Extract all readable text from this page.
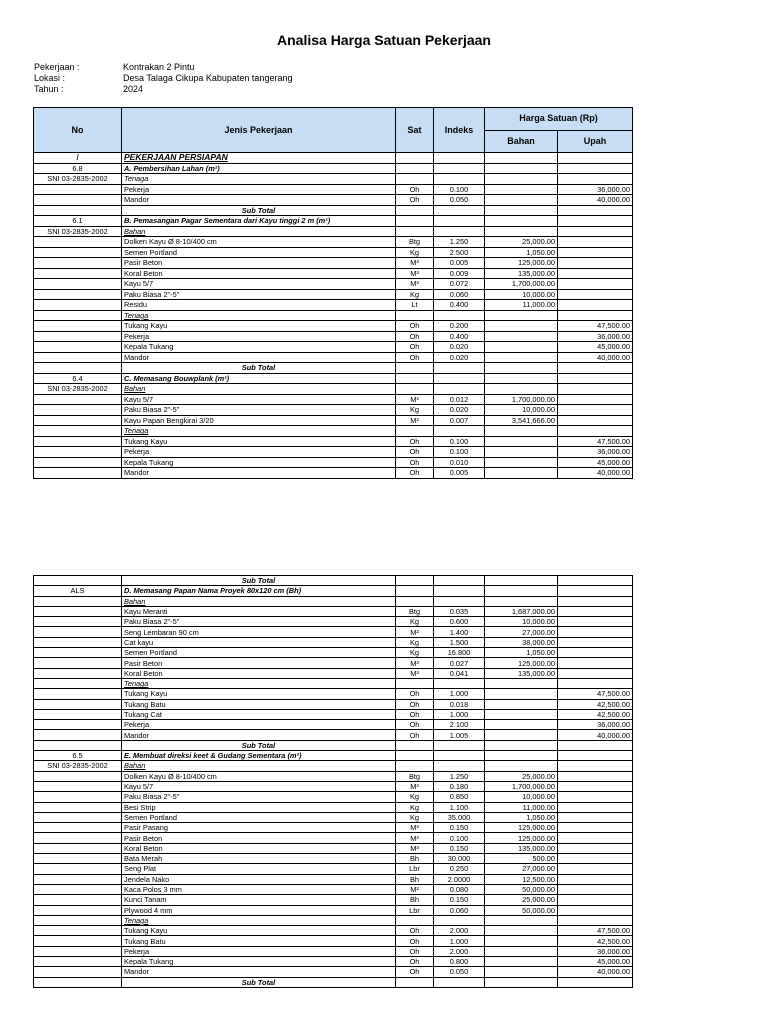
Analisa Harga Satuan Pekerjaan
Pekerjaan :	Kontrakan 2 Pintu
Lokasi :	Desa Talaga Cikupa Kabupaten tangerang
Tahun :	2024
No	Jenis Pekerjaan	Sat	Indeks	Harga Satuan (Rp)	
				Bahan	Upah
I	PEKERJAAN PERSIAPAN				
6.8	A. Pembersihan Lahan (m²)				
SNI 03-2835-2002	Tenaga				
	Pekerja	Oh	0.100		36,000.00
	Mandor	Oh	0.050		40,000.00
	Sub Total				
6.1	B. Pemasangan Pagar Sementara dari Kayu tinggi 2 m (m¹)				
SNI 03-2835-2002	Bahan				
	Dolken Kayu Ø 8-10/400 cm	Btg	1.250	25,000.00	
	Semen Portland	Kg	2.500	1,050.00	
	Pasir Beton	M³	0.005	125,000.00	
	Koral Beton	M³	0.009	135,000.00	
	Kayu 5/7	M³	0.072	1,700,000.00	
	Paku Biasa 2"-5"	Kg	0.060	10,000.00	
	Residu	Lt	0.400	11,000.00	
	Tenaga				
	Tukang Kayu	Oh	0.200		47,500.00
	Pekerja	Oh	0.400		36,000.00
	Kepala Tukang	Oh	0.020		45,000.00
	Mandor	Oh	0.020		40,000.00
	Sub Total				
6.4	C. Memasang Bouwplank (m¹)				
SNI 03-2835-2002	Bahan				
	Kayu 5/7	M³	0.012	1,700,000.00	
	Paku Biasa 2"-5"	Kg	0.020	10,000.00	
	Kayu Papan Bengkirai 3/20	M³	0.007	3,541,666.00	
	Tenaga				
	Tukang Kayu	Oh	0.100		47,500.00
	Pekerja	Oh	0.100		36,000.00
	Kepala Tukang	Oh	0.010		45,000.00
	Mandor	Oh	0.005		40,000.00
	Sub Total				
ALS	D. Memasang Papan Nama Proyek 80x120 cm (Bh)				
	Bahan				
	Kayu Meranti	Btg	0.035	1,687,000.00	
	Paku Biasa 2"-5"	Kg	0.600	10,000.00	
	Seng Lembaran 90 cm	M²	1.400	27,000.00	
	Cat kayu	Kg	1.500	38,000.00	
	Semen Portland	Kg	16.800	1,050.00	
	Pasir Beton	M³	0.027	125,000.00	
	Koral Beton	M³	0.041	135,000.00	
	Tenaga				
	Tukang Kayu	Oh	1.000		47,500.00
	Tukang Batu	Oh	0.018		42,500.00
	Tukang Cat	Oh	1.000		42,500.00
	Pekerja	Oh	2.100		36,000.00
	Mandor	Oh	1.005		40,000.00
	Sub Total				
6.5	E. Membuat direksi keet & Gudang Sementara (m²)				
SNI 03-2835-2002	Bahan				
	Dolken Kayu Ø 8-10/400 cm	Btg	1.250	25,000.00	
	Kayu 5/7	M³	0.180	1,700,000.00	
	Paku Biasa 2"-5"	Kg	0.850	10,000.00	
	Besi Strip	Kg	1.100	11,000.00	
	Semen Portland	Kg	35.000	1,050.00	
	Pasir Pasang	M³	0.150	125,000.00	
	Pasir Beton	M³	0.100	125,000.00	
	Koral Beton	M³	0.150	135,000.00	
	Bata Merah	Bh	30.000	500.00	
	Seng Plat	Lbr	0.250	27,000.00	
	Jendela Nako	Bh	2.0000	12,500.00	
	Kaca Polos 3 mm	M²	0.080	50,000.00	
	Kunci Tanam	Bh	0.150	25,000.00	
	Plywood 4 mm	Lbr	0.060	50,000.00	
	Tenaga				
	Tukang Kayu	Oh	2.000		47,500.00
	Tukang Batu	Oh	1.000		42,500.00
	Pekerja	Oh	2.000		36,000.00
	Kepala Tukang	Oh	0.800		45,000.00
	Mandor	Oh	0.050		40,000.00
	Sub Total				
